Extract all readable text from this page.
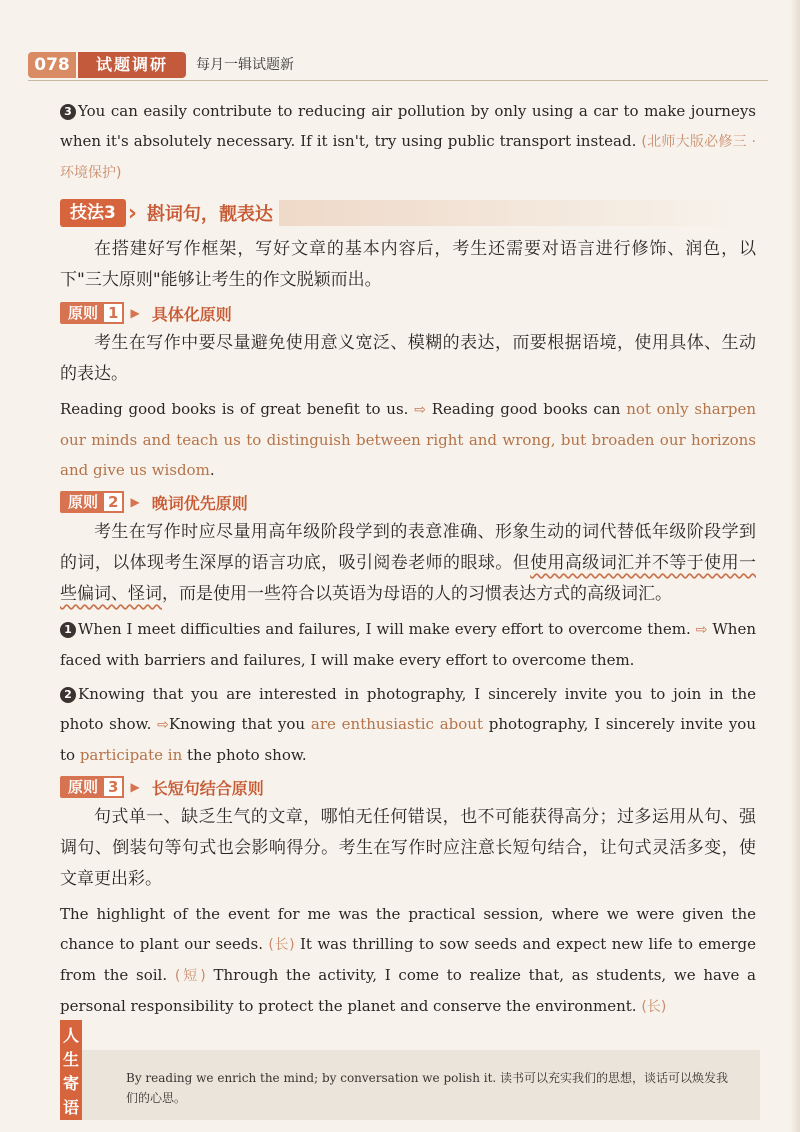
078	试题调研	每月一辑试题新

3 You can easily contribute to reducing air pollution by only using a car to make journeys when it's absolutely necessary. If it isn't, try using public transport instead. (北师大版必修三 · 环境保护)

技法3 › 斟词句，靓表达

在搭建好写作框架，写好文章的基本内容后，考生还需要对语言进行修饰、润色，以下"三大原则"能够让考生的作文脱颖而出。

原则 1	▶ 具体化原则

考生在写作中要尽量避免使用意义宽泛、模糊的表达，而要根据语境，使用具体、生动的表达。

Reading good books is of great benefit to us. ⇨ Reading good books can not only sharpen our minds and teach us to distinguish between right and wrong, but broaden our horizons and give us wisdom.

原则 2	▶ 晚词优先原则

考生在写作时应尽量用高年级阶段学到的表意准确、形象生动的词代替低年级阶段学到的词，以体现考生深厚的语言功底，吸引阅卷老师的眼球。但使用高级词汇并不等于使用一些偏词、怪词，而是使用一些符合以英语为母语的人的习惯表达方式的高级词汇。

1 When I meet difficulties and failures, I will make every effort to overcome them. ⇨ When faced with barriers and failures, I will make every effort to overcome them.

2 Knowing that you are interested in photography, I sincerely invite you to join in the photo show. ⇨Knowing that you are enthusiastic about photography, I sincerely invite you to participate in the photo show.

原则 3	▶ 长短句结合原则

句式单一、缺乏生气的文章，哪怕无任何错误，也不可能获得高分；过多运用从句、强调句、倒装句等句式也会影响得分。考生在写作时应注意长短句结合，让句式灵活多变，使文章更出彩。

The highlight of the event for me was the practical session, where we were given the chance to plant our seeds. (长) It was thrilling to sow seeds and expect new life to emerge from the soil. (短) Through the activity, I come to realize that, as students, we have a personal responsibility to protect the planet and conserve the environment. (长)

By reading we enrich the mind; by conversation we polish it. 读书可以充实我们的思想，谈话可以焕发我们的心思。
人生寄语
